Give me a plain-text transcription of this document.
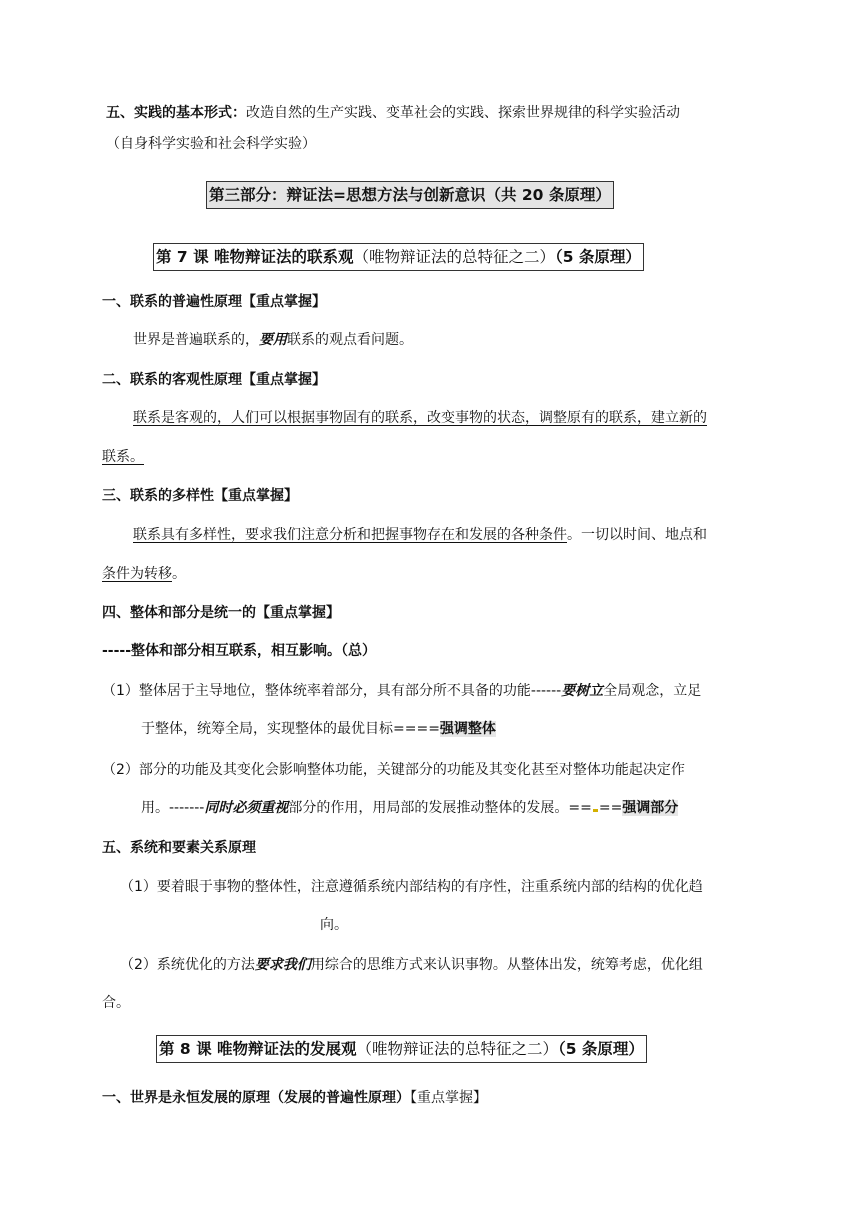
五、实践的基本形式：改造自然的生产实践、变革社会的实践、探索世界规律的科学实验活动
（自身科学实验和社会科学实验）
第三部分：辩证法=思想方法与创新意识（共 20 条原理）
第 7 课 唯物辩证法的联系观（唯物辩证法的总特征之二）（5 条原理）
一、联系的普遍性原理【重点掌握】
世界是普遍联系的，要用联系的观点看问题。
二、联系的客观性原理【重点掌握】
联系是客观的，人们可以根据事物固有的联系，改变事物的状态，调整原有的联系，建立新的
联系。
三、联系的多样性【重点掌握】
联系具有多样性，要求我们注意分析和把握事物存在和发展的各种条件。一切以时间、地点和
条件为转移。
四、整体和部分是统一的【重点掌握】
-----整体和部分相互联系，相互影响。（总）
（1）整体居于主导地位，整体统率着部分，具有部分所不具备的功能------要树立全局观念，立足
于整体，统筹全局，实现整体的最优目标====强调整体
（2）部分的功能及其变化会影响整体功能，关键部分的功能及其变化甚至对整体功能起决定作
用。-------同时必须重视部分的作用，用局部的发展推动整体的发展。== ==强调部分
五、系统和要素关系原理
（1）要着眼于事物的整体性，注意遵循系统内部结构的有序性，注重系统内部的结构的优化趋
向。
（2）系统优化的方法要求我们用综合的思维方式来认识事物。从整体出发，统筹考虑，优化组
合。
第 8 课 唯物辩证法的发展观（唯物辩证法的总特征之二）（5 条原理）
一、世界是永恒发展的原理（发展的普遍性原理）【重点掌握】
